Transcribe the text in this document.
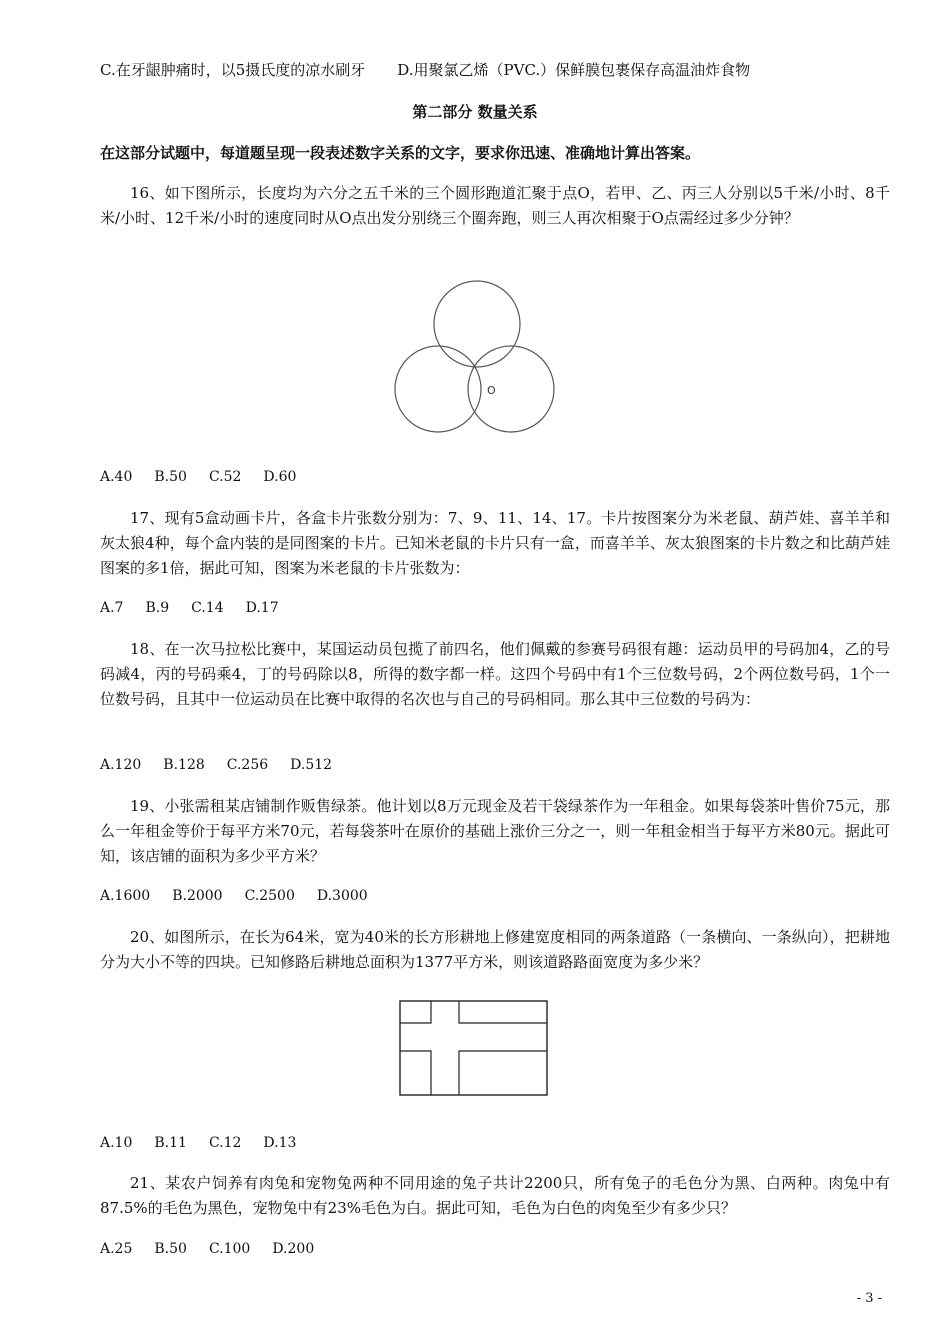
C.在牙龈肿痛时，以5摄氏度的凉水刷牙 D.用聚氯乙烯（PVC.）保鲜膜包裹保存高温油炸食物
第二部分 数量关系
在这部分试题中，每道题呈现一段表述数字关系的文字，要求你迅速、准确地计算出答案。
16、如下图所示，长度均为六分之五千米的三个圆形跑道汇聚于点O，若甲、乙、丙三人分别以5千米/小时、8千米/小时、12千米/小时的速度同时从O点出发分别绕三个圈奔跑，则三人再次相聚于O点需经过多少分钟？
O
A.40 B.50 C.52 D.60
17、现有5盒动画卡片，各盒卡片张数分别为：7、9、11、14、17。卡片按图案分为米老鼠、葫芦娃、喜羊羊和灰太狼4种，每个盒内装的是同图案的卡片。已知米老鼠的卡片只有一盒，而喜羊羊、灰太狼图案的卡片数之和比葫芦娃图案的多1倍，据此可知，图案为米老鼠的卡片张数为：
A.7 B.9 C.14 D.17
18、在一次马拉松比赛中，某国运动员包揽了前四名，他们佩戴的参赛号码很有趣：运动员甲的号码加4，乙的号码减4，丙的号码乘4，丁的号码除以8，所得的数字都一样。这四个号码中有1个三位数号码，2个两位数号码，1个一位数号码，且其中一位运动员在比赛中取得的名次也与自己的号码相同。那么其中三位数的号码为：
A.120 B.128 C.256 D.512
19、小张需租某店铺制作贩售绿茶。他计划以8万元现金及若干袋绿茶作为一年租金。如果每袋茶叶售价75元，那么一年租金等价于每平方米70元，若每袋茶叶在原价的基础上涨价三分之一，则一年租金相当于每平方米80元。据此可知，该店铺的面积为多少平方米？
A.1600 B.2000 C.2500 D.3000
20、如图所示，在长为64米，宽为40米的长方形耕地上修建宽度相同的两条道路（一条横向、一条纵向），把耕地分为大小不等的四块。已知修路后耕地总面积为1377平方米，则该道路路面宽度为多少米？
A.10 B.11 C.12 D.13
21、某农户饲养有肉兔和宠物兔两种不同用途的兔子共计2200只，所有兔子的毛色分为黑、白两种。肉兔中有87.5%的毛色为黑色，宠物兔中有23%毛色为白。据此可知，毛色为白色的肉兔至少有多少只？
A.25 B.50 C.100 D.200
- 3 -
